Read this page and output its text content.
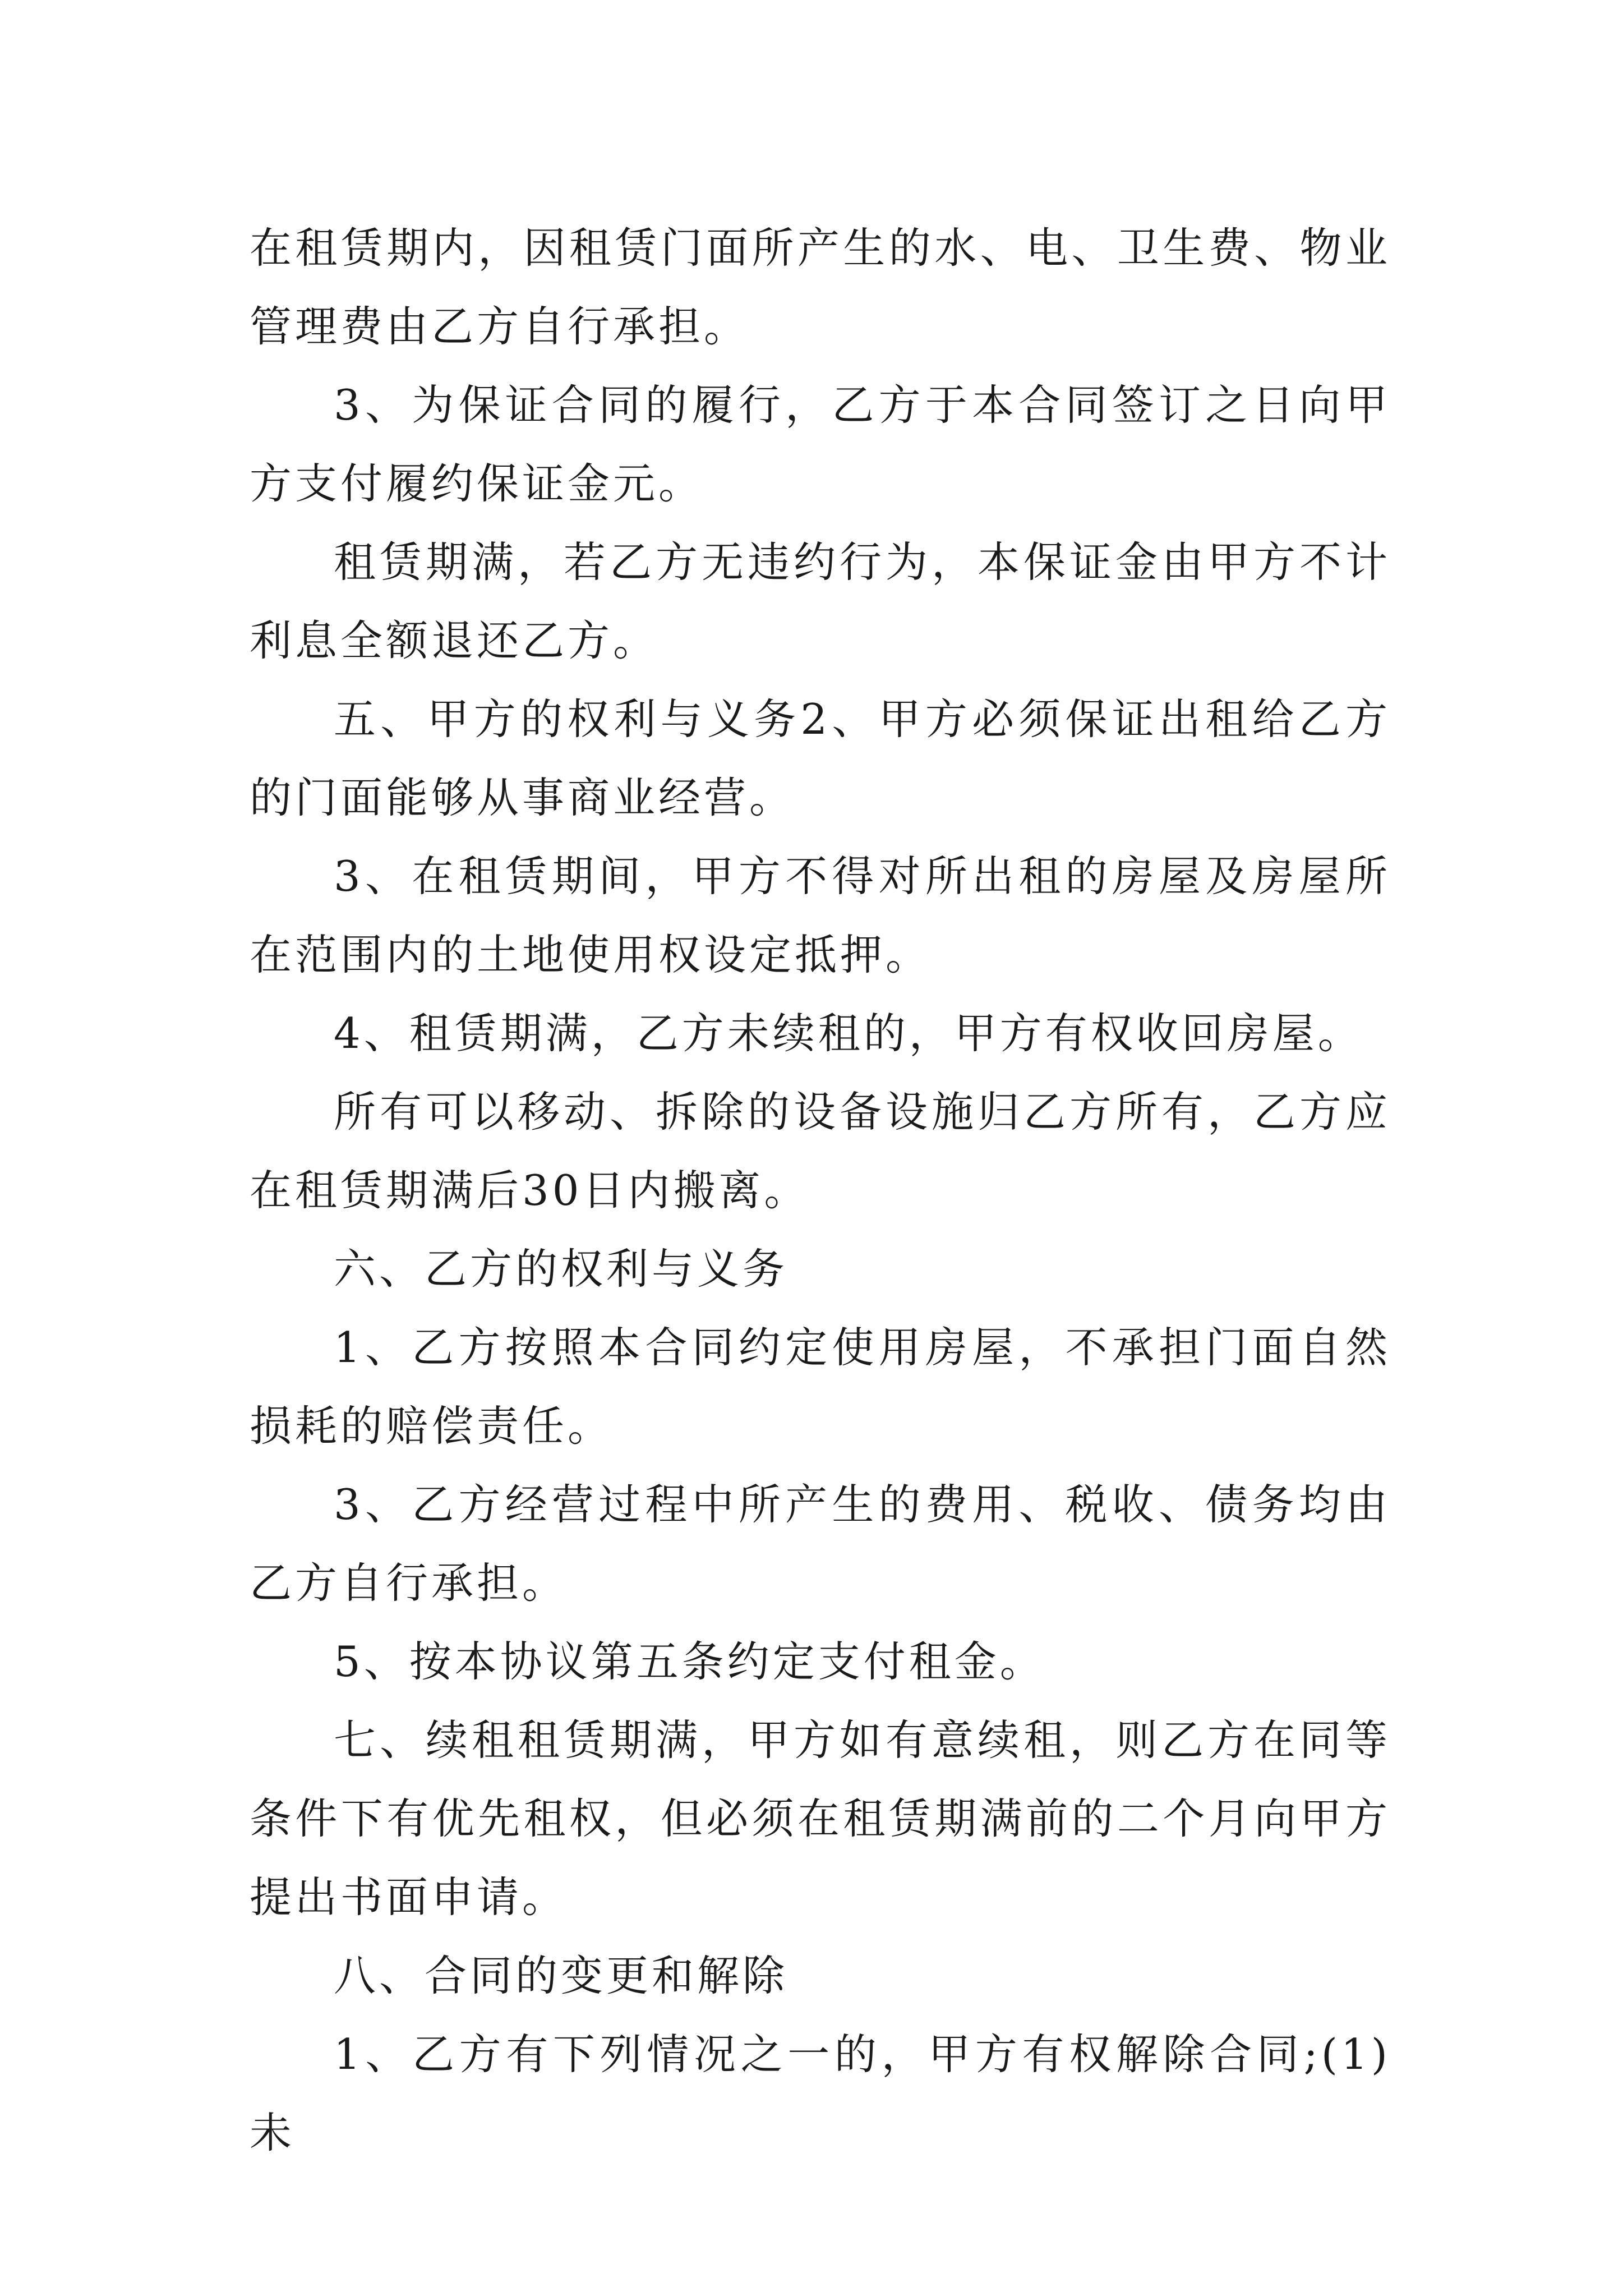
在租赁期内，因租赁门面所产生的水、电、卫生费、物业管理费由乙方自行承担。

3、为保证合同的履行，乙方于本合同签订之日向甲方支付履约保证金元。

租赁期满，若乙方无违约行为，本保证金由甲方不计利息全额退还乙方。

五、甲方的权利与义务2、甲方必须保证出租给乙方的门面能够从事商业经营。

3、在租赁期间，甲方不得对所出租的房屋及房屋所在范围内的土地使用权设定抵押。

4、租赁期满，乙方未续租的，甲方有权收回房屋。

所有可以移动、拆除的设备设施归乙方所有，乙方应在租赁期满后30日内搬离。

六、乙方的权利与义务

1、乙方按照本合同约定使用房屋，不承担门面自然损耗的赔偿责任。

3、乙方经营过程中所产生的费用、税收、债务均由乙方自行承担。

5、按本协议第五条约定支付租金。

七、续租租赁期满，甲方如有意续租，则乙方在同等条件下有优先租权，但必须在租赁期满前的二个月向甲方提出书面申请。

八、合同的变更和解除

1、乙方有下列情况之一的，甲方有权解除合同;(1)未
